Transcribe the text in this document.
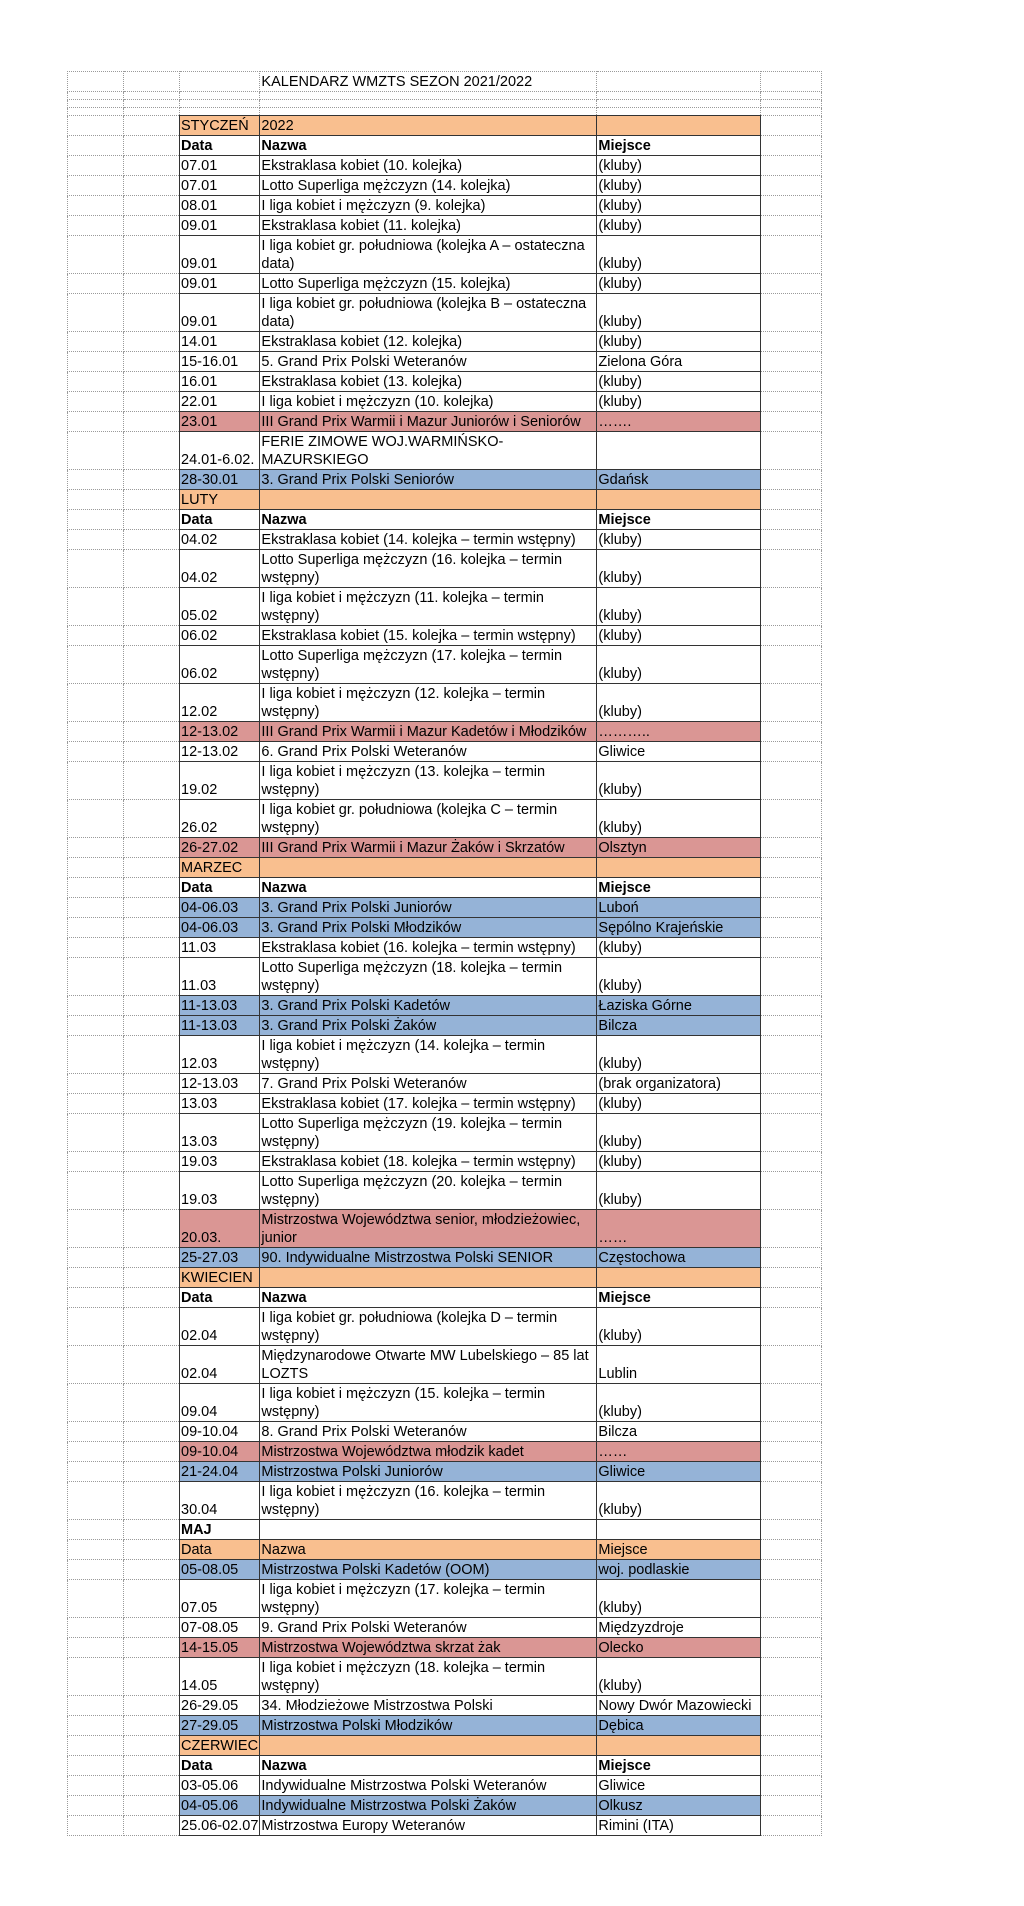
			KALENDARZ WMZTS SEZON 2021/2022		

		STYCZEŃ	2022		
		Data	Nazwa	Miejsce	
		07.01	Ekstraklasa kobiet (10. kolejka)	(kluby)	
		07.01	Lotto Superliga mężczyzn (14. kolejka)	(kluby)	
		08.01	I liga kobiet i mężczyzn (9. kolejka)	(kluby)	
		09.01	Ekstraklasa kobiet (11. kolejka)	(kluby)	
		09.01	I liga kobiet gr. południowa (kolejka A – ostateczna data)	(kluby)	
		09.01	Lotto Superliga mężczyzn (15. kolejka)	(kluby)	
		09.01	I liga kobiet gr. południowa (kolejka B – ostateczna data)	(kluby)	
		14.01	Ekstraklasa kobiet (12. kolejka)	(kluby)	
		15-16.01	5. Grand Prix Polski Weteranów	Zielona Góra	
		16.01	Ekstraklasa kobiet (13. kolejka)	(kluby)	
		22.01	I liga kobiet i mężczyzn (10. kolejka)	(kluby)	
		23.01	III Grand Prix Warmii i Mazur Juniorów i Seniorów	…….	
		24.01-6.02.	FERIE ZIMOWE WOJ.WARMIŃSKO-MAZURSKIEGO		
		28-30.01	3. Grand Prix Polski Seniorów	Gdańsk	
		LUTY			
		Data	Nazwa	Miejsce	
		04.02	Ekstraklasa kobiet (14. kolejka – termin wstępny)	(kluby)	
		04.02	Lotto Superliga mężczyzn (16. kolejka – termin wstępny)	(kluby)	
		05.02	I liga kobiet i mężczyzn (11. kolejka – termin wstępny)	(kluby)	
		06.02	Ekstraklasa kobiet (15. kolejka – termin wstępny)	(kluby)	
		06.02	Lotto Superliga mężczyzn (17. kolejka – termin wstępny)	(kluby)	
		12.02	I liga kobiet i mężczyzn (12. kolejka – termin wstępny)	(kluby)	
		12-13.02	III Grand Prix Warmii i Mazur Kadetów i Młodzików	………..	
		12-13.02	6. Grand Prix Polski Weteranów	Gliwice	
		19.02	I liga kobiet i mężczyzn (13. kolejka – termin wstępny)	(kluby)	
		26.02	I liga kobiet gr. południowa (kolejka C – termin wstępny)	(kluby)	
		26-27.02	III Grand Prix Warmii i Mazur Żaków i Skrzatów	Olsztyn	
		MARZEC			
		Data	Nazwa	Miejsce	
		04-06.03	3. Grand Prix Polski Juniorów	Luboń	
		04-06.03	3. Grand Prix Polski Młodzików	Sępólno Krajeńskie	
		11.03	Ekstraklasa kobiet (16. kolejka – termin wstępny)	(kluby)	
		11.03	Lotto Superliga mężczyzn (18. kolejka – termin wstępny)	(kluby)	
		11-13.03	3. Grand Prix Polski Kadetów	Łaziska Górne	
		11-13.03	3. Grand Prix Polski Żaków	Bilcza	
		12.03	I liga kobiet i mężczyzn (14. kolejka – termin wstępny)	(kluby)	
		12-13.03	7. Grand Prix Polski Weteranów	(brak organizatora)	
		13.03	Ekstraklasa kobiet (17. kolejka – termin wstępny)	(kluby)	
		13.03	Lotto Superliga mężczyzn (19. kolejka – termin wstępny)	(kluby)	
		19.03	Ekstraklasa kobiet (18. kolejka – termin wstępny)	(kluby)	
		19.03	Lotto Superliga mężczyzn (20. kolejka – termin wstępny)	(kluby)	
		20.03.	Mistrzostwa Województwa senior, młodzieżowiec, junior	……	
		25-27.03	90. Indywidualne Mistrzostwa Polski SENIOR	Częstochowa	
		KWIECIEN			
		Data	Nazwa	Miejsce	
		02.04	I liga kobiet gr. południowa (kolejka D – termin wstępny)	(kluby)	
		02.04	Międzynarodowe Otwarte MW Lubelskiego – 85 lat LOZTS	Lublin	
		09.04	I liga kobiet i mężczyzn (15. kolejka – termin wstępny)	(kluby)	
		09-10.04	8. Grand Prix Polski Weteranów	Bilcza	
		09-10.04	Mistrzostwa Województwa młodzik kadet	……	
		21-24.04	Mistrzostwa Polski Juniorów	Gliwice	
		30.04	I liga kobiet i mężczyzn (16. kolejka – termin wstępny)	(kluby)	
		MAJ			
		Data	Nazwa	Miejsce	
		05-08.05	Mistrzostwa Polski Kadetów (OOM)	woj. podlaskie	
		07.05	I liga kobiet i mężczyzn (17. kolejka – termin wstępny)	(kluby)	
		07-08.05	9. Grand Prix Polski Weteranów	Międzyzdroje	
		14-15.05	Mistrzostwa Województwa skrzat żak	Olecko	
		14.05	I liga kobiet i mężczyzn (18. kolejka – termin wstępny)	(kluby)	
		26-29.05	34. Młodzieżowe Mistrzostwa Polski	Nowy Dwór Mazowiecki	
		27-29.05	Mistrzostwa Polski Młodzików	Dębica	
		CZERWIEC			
		Data	Nazwa	Miejsce	
		03-05.06	Indywidualne Mistrzostwa Polski Weteranów	Gliwice	
		04-05.06	Indywidualne Mistrzostwa Polski Żaków	Olkusz	
		25.06-02.07	Mistrzostwa Europy Weteranów	Rimini (ITA)	
